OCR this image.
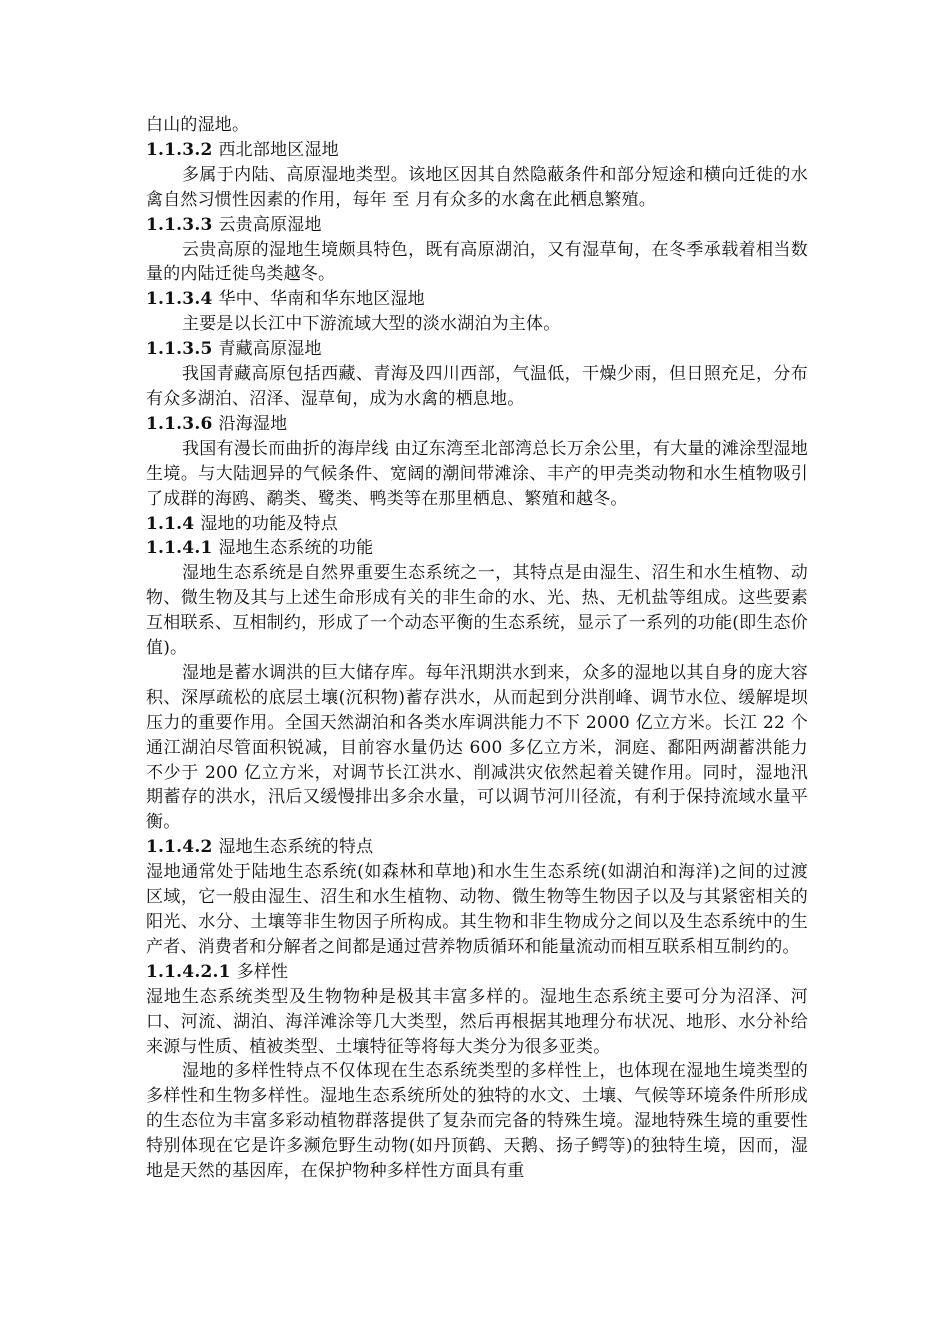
白山的湿地。

1.1.3.2 西北部地区湿地

多属于内陆、高原湿地类型。该地区因其自然隐蔽条件和部分短途和横向迁徙的水禽自然习惯性因素的作用，每年 至 月有众多的水禽在此栖息繁殖。

1.1.3.3 云贵高原湿地

云贵高原的湿地生境颇具特色，既有高原湖泊，又有湿草甸，在冬季承载着相当数量的内陆迁徙鸟类越冬。

1.1.3.4 华中、华南和华东地区湿地

主要是以长江中下游流域大型的淡水湖泊为主体。

1.1.3.5 青藏高原湿地

我国青藏高原包括西藏、青海及四川西部，气温低，干燥少雨，但日照充足，分布有众多湖泊、沼泽、湿草甸，成为水禽的栖息地。

1.1.3.6 沿海湿地

我国有漫长而曲折的海岸线 由辽东湾至北部湾总长万余公里，有大量的滩涂型湿地生境。与大陆迥异的气候条件、宽阔的潮间带滩涂、丰产的甲壳类动物和水生植物吸引了成群的海鸥、鹬类、鹭类、鸭类等在那里栖息、繁殖和越冬。

1.1.4 湿地的功能及特点

1.1.4.1 湿地生态系统的功能

湿地生态系统是自然界重要生态系统之一，其特点是由湿生、沼生和水生植物、动物、微生物及其与上述生命形成有关的非生命的水、光、热、无机盐等组成。这些要素互相联系、互相制约，形成了一个动态平衡的生态系统，显示了一系列的功能(即生态价值)。

湿地是蓄水调洪的巨大储存库。每年汛期洪水到来，众多的湿地以其自身的庞大容积、深厚疏松的底层土壤(沉积物)蓄存洪水，从而起到分洪削峰、调节水位、缓解堤坝压力的重要作用。全国天然湖泊和各类水库调洪能力不下 2000 亿立方米。长江 22 个通江湖泊尽管面积锐减，目前容水量仍达 600 多亿立方米，洞庭、鄱阳两湖蓄洪能力不少于 200 亿立方米，对调节长江洪水、削减洪灾依然起着关键作用。同时，湿地汛期蓄存的洪水，汛后又缓慢排出多余水量，可以调节河川径流，有利于保持流域水量平衡。

1.1.4.2 湿地生态系统的特点

湿地通常处于陆地生态系统(如森林和草地)和水生生态系统(如湖泊和海洋)之间的过渡区域，它一般由湿生、沼生和水生植物、动物、微生物等生物因子以及与其紧密相关的阳光、水分、土壤等非生物因子所构成。其生物和非生物成分之间以及生态系统中的生产者、消费者和分解者之间都是通过营养物质循环和能量流动而相互联系相互制约的。

1.1.4.2.1 多样性

湿地生态系统类型及生物物种是极其丰富多样的。湿地生态系统主要可分为沼泽、河口、河流、湖泊、海洋滩涂等几大类型，然后再根据其地理分布状况、地形、水分补给来源与性质、植被类型、土壤特征等将每大类分为很多亚类。

湿地的多样性特点不仅体现在生态系统类型的多样性上，也体现在湿地生境类型的多样性和生物多样性。湿地生态系统所处的独特的水文、土壤、气候等环境条件所形成的生态位为丰富多彩动植物群落提供了复杂而完备的特殊生境。湿地特殊生境的重要性特别体现在它是许多濒危野生动物(如丹顶鹤、天鹅、扬子鳄等)的独特生境，因而，湿地是天然的基因库，在保护物种多样性方面具有重
